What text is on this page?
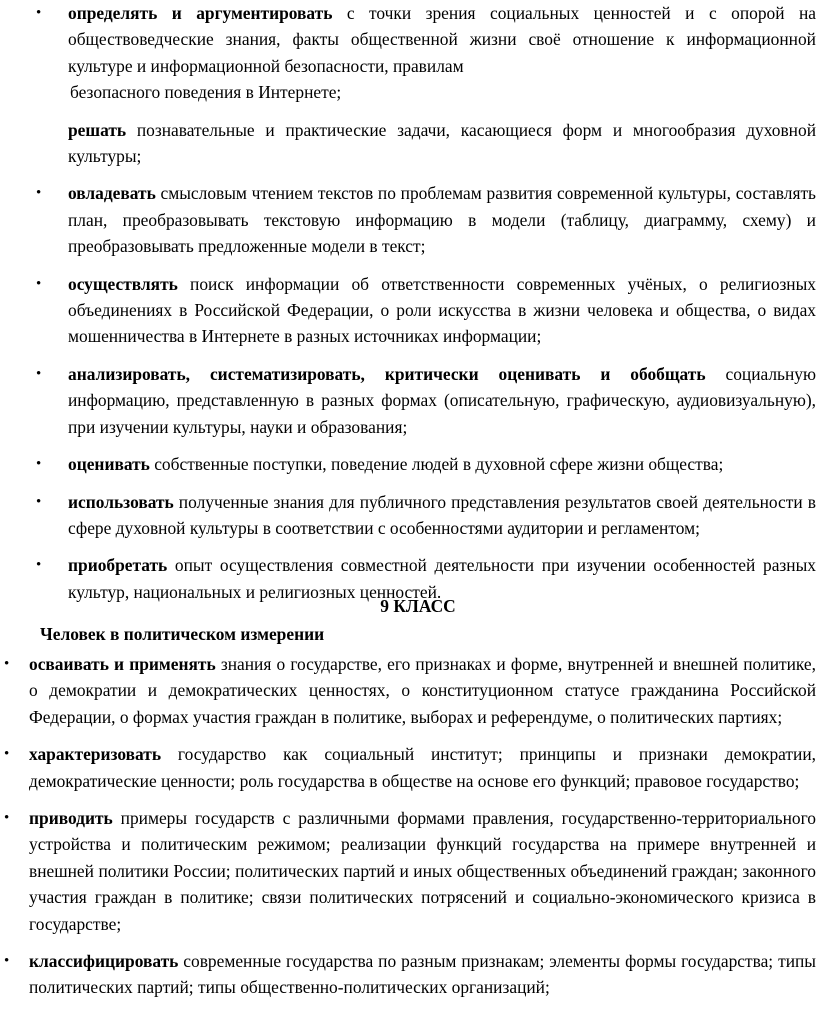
• определять и аргументировать с точки зрения социальных ценностей и с опорой на обществоведческие знания, факты общественной жизни своё отношение к информационной культуре и информационной безопасности, правилам
безопасного поведения в Интернете;
решать познавательные и практические задачи, касающиеся форм и многообразия духовной культуры;
• овладевать смысловым чтением текстов по проблемам развития современной культуры, составлять план, преобразовывать текстовую информацию в модели (таблицу, диаграмму, схему) и преобразовывать предложенные модели в текст;
• осуществлять поиск информации об ответственности современных учёных, о религиозных объединениях в Российской Федерации, о роли искусства в жизни человека и общества, о видах мошенничества в Интернете в разных источниках информации;
• анализировать, систематизировать, критически оценивать и обобщать социальную информацию, представленную в разных формах (описательную, графическую, аудиовизуальную), при изучении культуры, науки и образования;
• оценивать собственные поступки, поведение людей в духовной сфере жизни общества;
• использовать полученные знания для публичного представления результатов своей деятельности в сфере духовной культуры в соответствии с особенностями аудитории и регламентом;
• приобретать опыт осуществления совместной деятельности при изучении особенностей разных культур, национальных и религиозных ценностей.
9 КЛАСС
Человек в политическом измерении
• осваивать и применять знания о государстве, его признаках и форме, внутренней и внешней политике, о демократии и демократических ценностях, о конституционном статусе гражданина Российской Федерации, о формах участия граждан в политике, выборах и референдуме, о политических партиях;
• характеризовать государство как социальный институт; принципы и признаки демократии, демократические ценности; роль государства в обществе на основе его функций; правовое государство;
• приводить примеры государств с различными формами правления, государственно-территориального устройства и политическим режимом; реализации функций государства на примере внутренней и внешней политики России; политических партий и иных общественных объединений граждан; законного участия граждан в политике; связи политических потрясений и социально-экономического кризиса в государстве;
• классифицировать современные государства по разным признакам; элементы формы государства; типы политических партий; типы общественно-политических организаций;
